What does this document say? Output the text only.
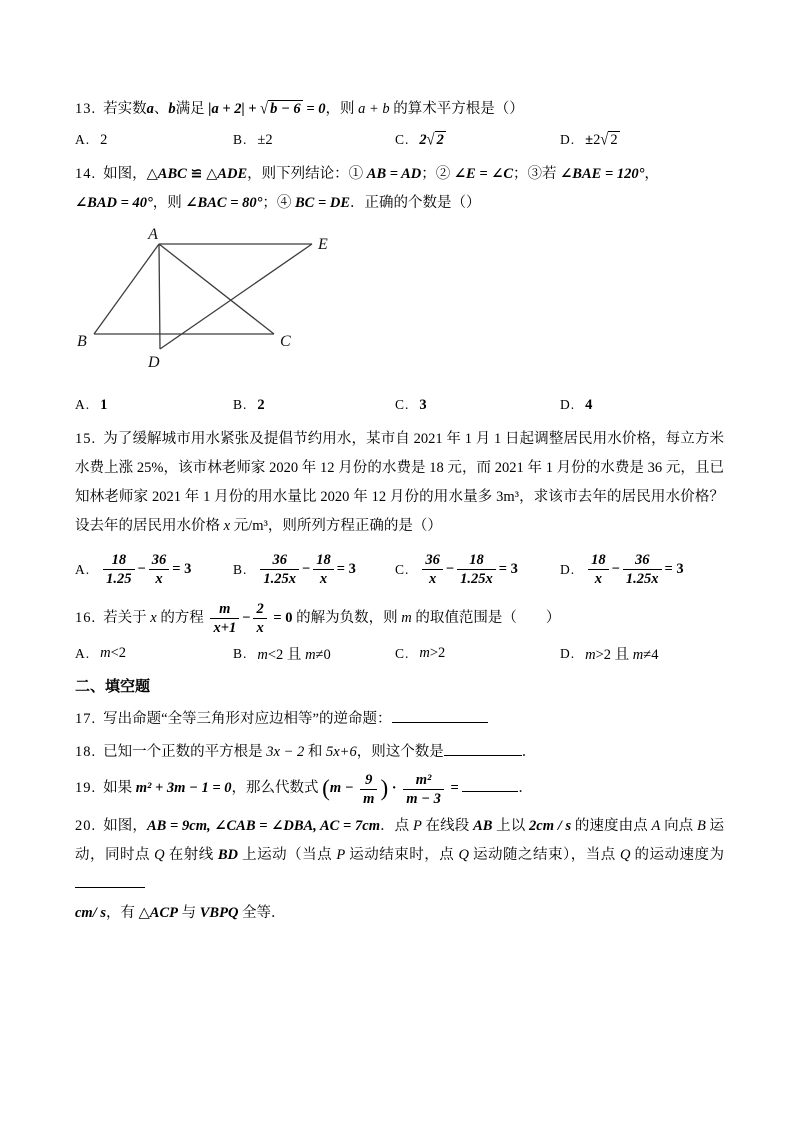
13. 若实数a、b满足 |a + 2| + √ b − 6 = 0，则 a + b 的算术平方根是（）

A. 2	B. ±2	C. 2√ 2	D. ±2√ 2

14. 如图，△ABC ≌ △ADE，则下列结论：① AB = AD；② ∠E = ∠C；③若 ∠BAE = 120°，
∠BAD = 40°，则 ∠BAC = 80°；④ BC = DE．正确的个数是（）

A
E
B	C
D
A. 1	B. 2	C. 3	D. 4

15. 为了缓解城市用水紧张及提倡节约用水，某市自 2021 年 1 月 1 日起调整居民用水价格，每立方米水费上涨 25%，该市林老师家 2020 年 12 月份的水费是 18 元，而 2021 年 1 月份的水费是 36 元，且已知林老师家 2021 年 1 月份的用水量比 2020 年 12 月份的用水量多 3m³，求该市去年的居民用水价格？设去年的居民用水价格 x 元/m³，则所列方程正确的是（）

A. $\frac{18}{1.25} - \frac{36}{x} = 3$	B. $\frac{36}{1.25x} - \frac{18}{x} = 3$	C. $\frac{36}{x} - \frac{18}{1.25x} = 3$	D. $\frac{18}{x} - \frac{36}{1.25x} = 3$

16. 若关于 x 的方程 $\frac{m}{x+1} - \frac{2}{x} = 0$ 的解为负数，则 m 的取值范围是（　　）

A. m<2	B. m<2 且 m≠0	C. m>2	D. m>2 且 m≠4
二、填空题

17. 写出命题“全等三角形对应边相等”的逆命题：

18. 已知一个正数的平方根是 3x − 2 和 5x+6，则这个数是	．

19. 如果 m² + 3m − 1 = 0，那么代数式 ($m - \frac{9}{m}$ ) · $\frac{\text{m²}}{m - 3}$ =	．

20. 如图，AB = 9cm, ∠CAB = ∠DBA, AC = 7cm．点 P 在线段 AB 上以 2cm / s 的速度由点 A 向点 B 运动，同时点 Q 在射线 BD 上运动（当点 P 运动结束时，点 Q 运动随之结束），当点 Q 的运动速度为
cm/ s，有 △ACP 与 VBPQ 全等．
